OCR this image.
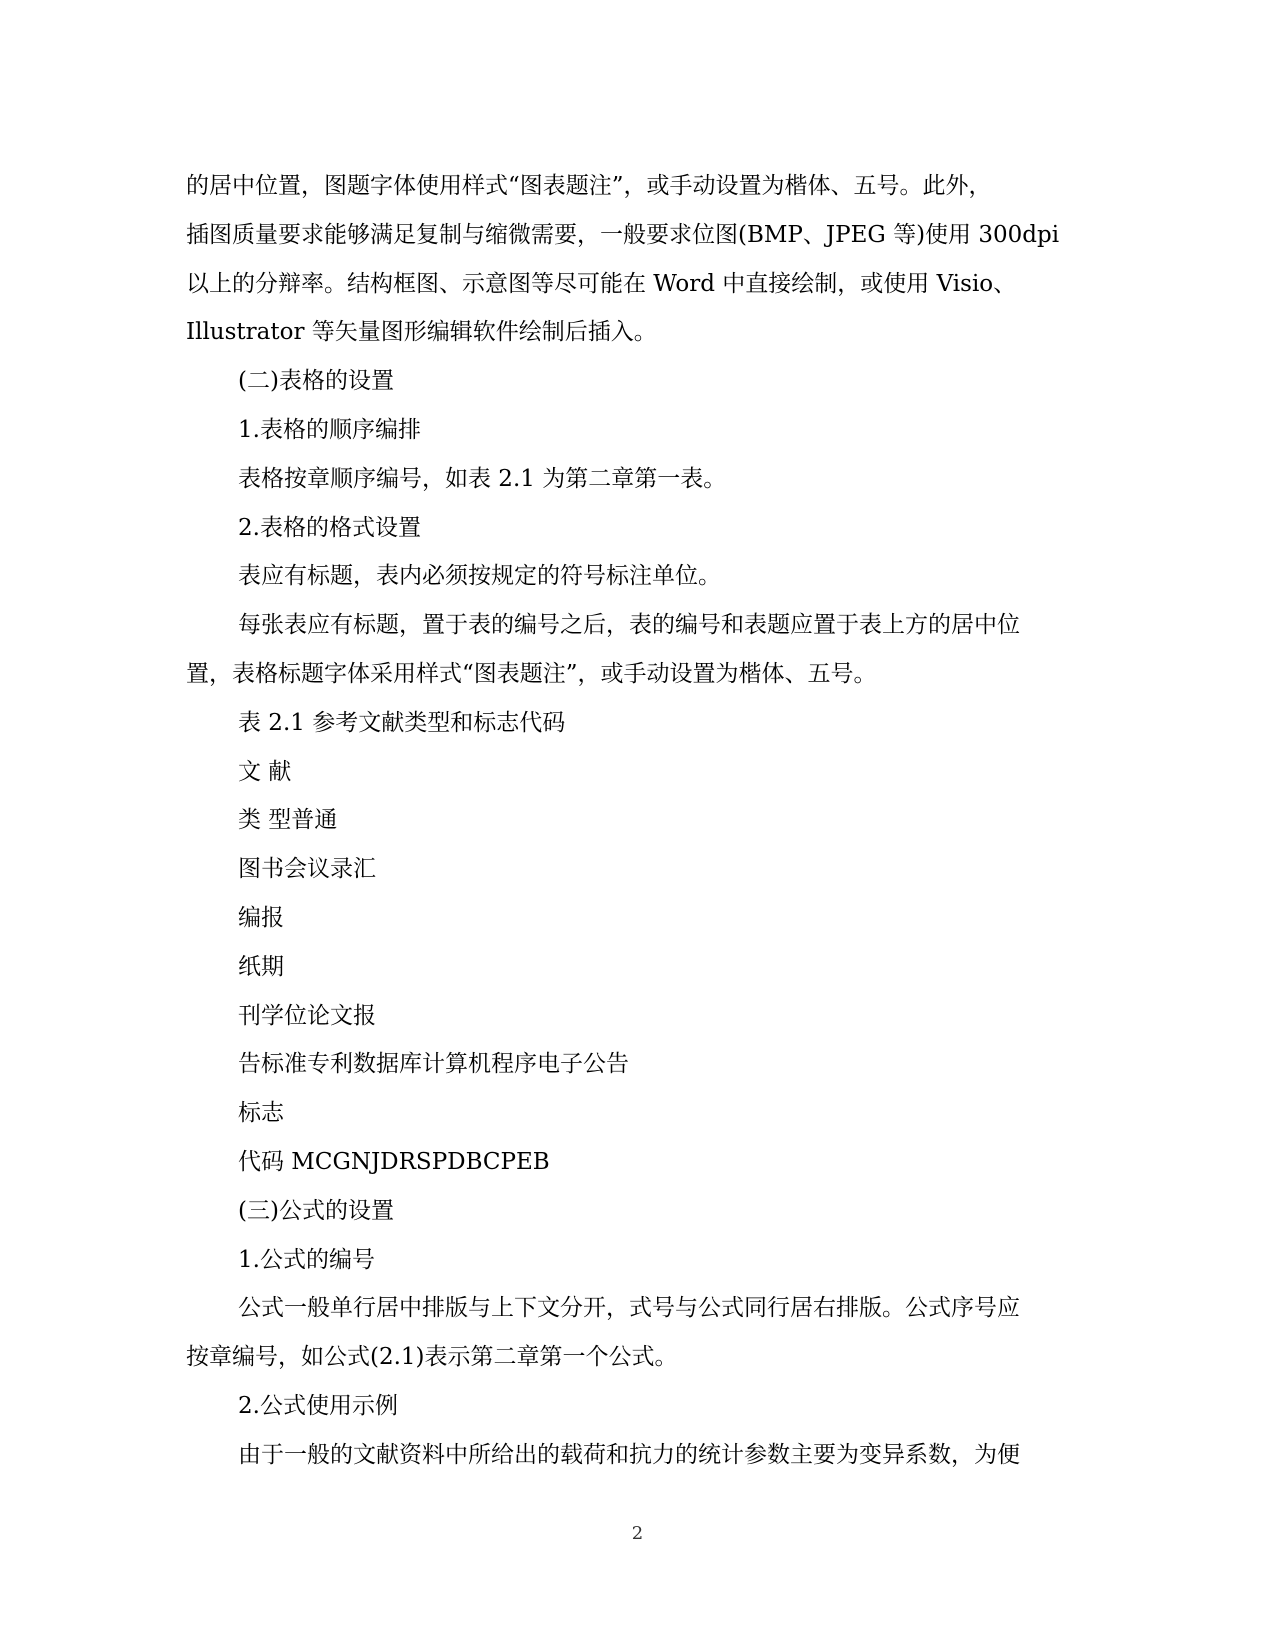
的居中位置，图题字体使用样式“图表题注”，或手动设置为楷体、五号。此外，
插图质量要求能够满足复制与缩微需要，一般要求位图(BMP、JPEG 等)使用 300dpi
以上的分辩率。结构框图、示意图等尽可能在 Word 中直接绘制，或使用 Visio、
Illustrator 等矢量图形编辑软件绘制后插入。
(二)表格的设置
1.表格的顺序编排
表格按章顺序编号，如表 2.1 为第二章第一表。
2.表格的格式设置
表应有标题，表内必须按规定的符号标注单位。
每张表应有标题，置于表的编号之后，表的编号和表题应置于表上方的居中位
置，表格标题字体采用样式“图表题注”，或手动设置为楷体、五号。
表 2.1 参考文献类型和标志代码
文 献
类 型普通
图书会议录汇
编报
纸期
刊学位论文报
告标准专利数据库计算机程序电子公告
标志
代码 MCGNJDRSPDBCPEB
(三)公式的设置
1.公式的编号
公式一般单行居中排版与上下文分开，式号与公式同行居右排版。公式序号应
按章编号，如公式(2.1)表示第二章第一个公式。
2.公式使用示例
由于一般的文献资料中所给出的载荷和抗力的统计参数主要为变异系数，为便
2
